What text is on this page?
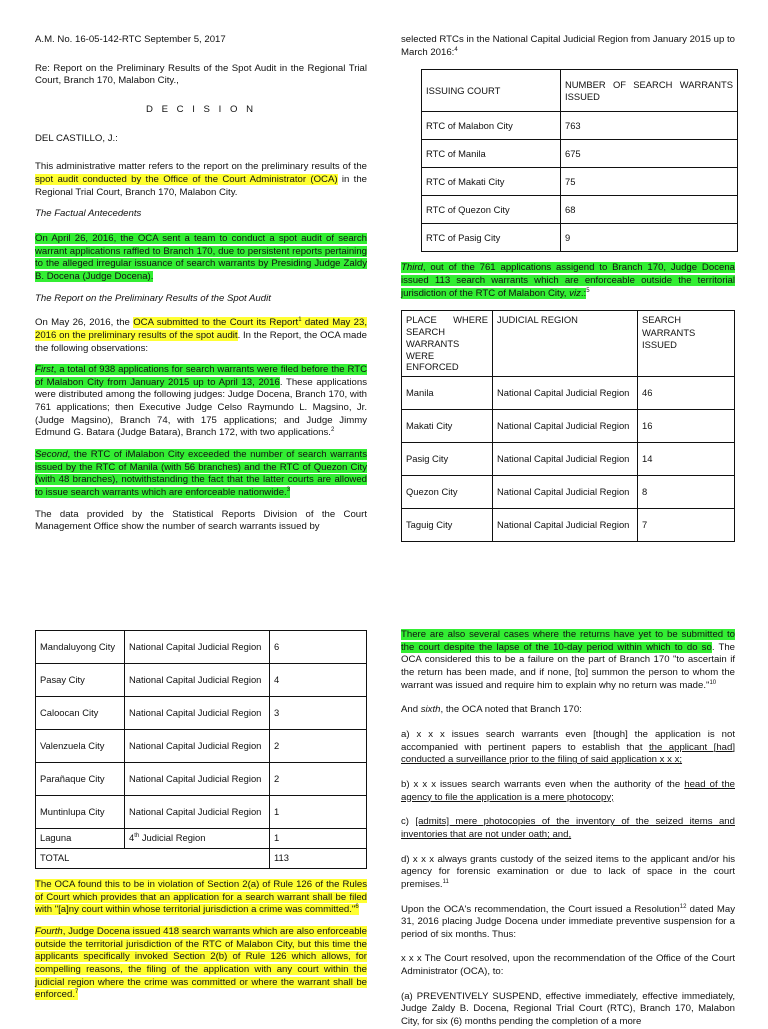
A.M. No. 16-05-142-RTC September 5, 2017

Re: Report on the Preliminary Results of the Spot Audit in the Regional Trial Court, Branch 170, Malabon City.,

D E C I S I O N

DEL CASTILLO, J.:

This administrative matter refers to the report on the preliminary results of the spot audit conducted by the Office of the Court Administrator (OCA) in the Regional Trial Court, Branch 170, Malabon City.

The Factual Antecedents

On April 26, 2016, the OCA sent a team to conduct a spot audit of search warrant applications raffled to Branch 170, due to persistent reports pertaining to the alleged irregular issuance of search warrants by Presiding Judge Zaldy B. Docena (Judge Docena).

The Report on the Preliminary Results of the Spot Audit

On May 26, 2016, the OCA submitted to the Court its Report$^1$ dated May 23, 2016 on the preliminary results of the spot audit. In the Report, the OCA made the following observations:

First, a total of 938 applications for search warrants were filed before the RTC of Malabon City from January 2015 up to April 13, 2016. These applications were distributed among the following judges: Judge Docena, Branch 170, with 761 applications; then Executive Judge Celso Raymundo L. Magsino, Jr. (Judge Magsino), Branch 74, with 175 applications; and Judge Jimmy Edmund G. Batara (Judge Batara), Branch 172, with two applications.$^2$

Second, the RTC of iMalabon City exceeded the number of search warrants issued by the RTC of Manila (with 56 branches) and the RTC of Quezon City (with 48 branches), notwithstanding the fact that the latter courts are allowed to issue search warrants which are enforceable nationwide.$^3$

The data provided by the Statistical Reports Division of the Court Management Office show the number of search warrants issued by

selected RTCs in the National Capital Judicial Region from January 2015 up to March 2016:$^4$

ISSUING COURT	NUMBER OF SEARCH WARRANTS ISSUED
RTC of Malabon City	763
RTC of Manila	675
RTC of Makati City	75
RTC of Quezon City	68
RTC of Pasig City	9

Third, out of the 761 applications assigend to Branch 170, Judge Docena issued 113 search warrants which are enforceable outside the territorial jurisdiction of the RTC of Malabon City, viz.:$^5$

PLACE WHERE SEARCH WARRANTS WERE ENFORCED	JUDICIAL REGION	SEARCH WARRANTS ISSUED
Manila	National Capital Judicial Region	46
Makati City	National Capital Judicial Region	16
Pasig City	National Capital Judicial Region	14
Quezon City	National Capital Judicial Region	8
Taguig City	National Capital Judicial Region	7
Mandaluyong City	National Capital Judicial Region	6
Pasay City	National Capital Judicial Region	4
Caloocan City	National Capital Judicial Region	3
Valenzuela City	National Capital Judicial Region	2
Parañaque City	National Capital Judicial Region	2
Muntinlupa City	National Capital Judicial Region	1
Laguna	4th Judicial Region	1
TOTAL		113

The OCA found this to be in violation of Section 2(a) of Rule 126 of the Rules of Court which provides that an application for a search warrant shall be filed with "[a]ny court within whose territorial jurisdiction a crime was committed."$^6$

Fourth, Judge Docena issued 418 search warrants which are also enforceable outside the territorial jurisdiction of the RTC of Malabon City, but this time the applicants specifically invoked Section 2(b) of Rule 126 which allows, for compelling reasons, the filing of the application with any court within the judicial region where the crime was committed or where the warrant shall be enforced.$^7$

There are also several cases where the returns have yet to be submitted to the court despite the lapse of the 10-day period within which to do so. The OCA considered this to be a failure on the part of Branch 170 "to ascertain if the return has been made, and if none, [to] summon the person to whom the warrant was issued and require him to explain why no return was made."$^{10}$

And sixth, the OCA noted that Branch 170:

a) x x x issues search warrants even [though] the application is not accompanied with pertinent papers to establish that the applicant [had] conducted a surveillance prior to the filing of said application x x x;

b) x x x issues search warrants even when the authority of the head of the agency to file the application is a mere photocopy;

c) [admits] mere photocopies of the inventory of the seized items and inventories that are not under oath; and,

d) x x x always grants custody of the seized items to the applicant and/or his agency for forensic examination or due to lack of space in the court premises.$^{11}$

Upon the OCA's recommendation, the Court issued a Resolution$^{12}$ dated May 31, 2016 placing Judge Docena under immediate preventive suspension for a period of six months. Thus:

x x x The Court resolved, upon the recommendation of the Office of the Court Administrator (OCA), to:

(a) PREVENTIVELY SUSPEND, effective immediately, effective immediately, Judge Zaldy B. Docena, Regional Trial Court (RTC), Branch 170, Malabon City, for six (6) months pending the completion of a more
